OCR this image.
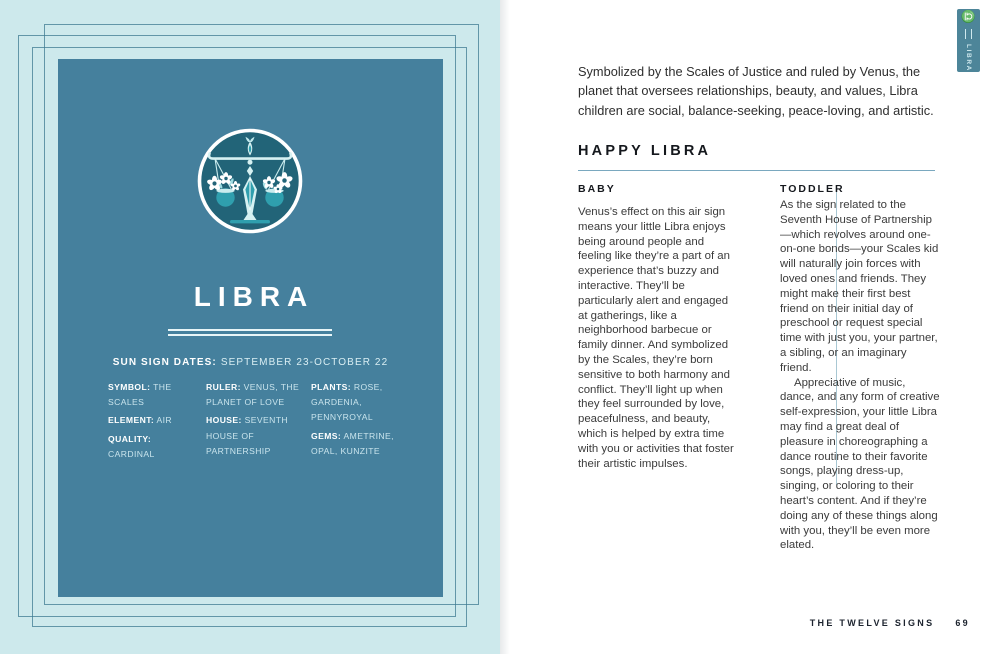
LIBRA
SUN SIGN DATES: SEPTEMBER 23-OCTOBER 22

SYMBOL: THE SCALES

ELEMENT: AIR

QUALITY: CARDINAL

RULER: VENUS, THE PLANET OF LOVE

HOUSE: SEVENTH HOUSE OF PARTNERSHIP

PLANTS: ROSE, GARDENIA, PENNYROYAL

GEMS: AMETRINE, OPAL, KUNZITE

♎
LIBRA

Symbolized by the Scales of Justice and ruled by Venus, the planet that oversees relationships, beauty, and values, Libra children are social, balance-seeking, peace-loving, and artistic.

HAPPY LIBRA
BABY

Venus’s effect on this air sign means your little Libra enjoys being around people and feeling like they’re a part of an experience that’s buzzy and interactive. They’ll be particularly alert and engaged at gatherings, like a neighborhood barbecue or family dinner. And symbolized by the Scales, they’re born sensitive to both harmony and conflict. They’ll light up when they feel surrounded by love, peacefulness, and beauty, which is helped by extra time with you or activities that foster their artistic impulses.

TODDLER

As the sign related to the Seventh House of Partnership—which revolves around one-on-one bonds—your Scales kid will naturally join forces with loved ones and friends. They might make their first best friend on their initial day of preschool or request special time with just you, your partner, a sibling, or an imaginary friend.

Appreciative of music, dance, and any form of creative self-expression, your little Libra may find a great deal of pleasure in choreographing a dance routine to their favorite songs, playing dress-up, singing, or coloring to their heart’s content. And if they’re doing any of these things along with you, they’ll be even more elated.

THE TWELVE SIGNS 69
